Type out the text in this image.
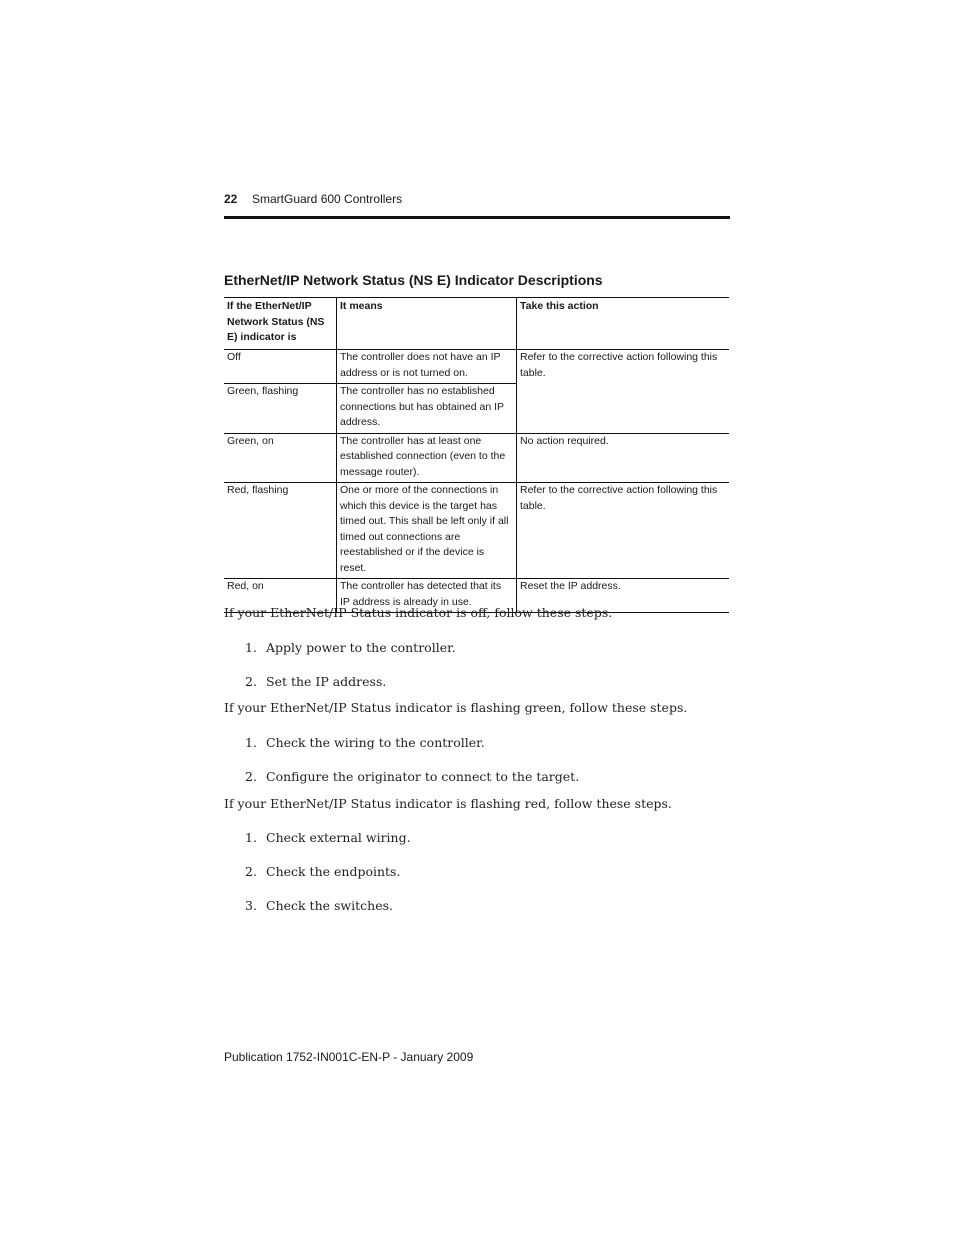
22 SmartGuard 600 Controllers
EtherNet/IP Network Status (NS E) Indicator Descriptions
If the EtherNet/IP Network Status (NS E) indicator is	It means	Take this action
Off	The controller does not have an IP address or is not turned on.	Refer to the corrective action following this table.
Green, flashing	The controller has no established connections but has obtained an IP address.	
Green, on	The controller has at least one established connection (even to the message router).	No action required.
Red, flashing	One or more of the connections in which this device is the target has timed out. This shall be left only if all timed out connections are reestablished or if the device is reset.	Refer to the corrective action following this table.
Red, on	The controller has detected that its IP address is already in use.	Reset the IP address.
If your EtherNet/IP Status indicator is off, follow these steps.
1. Apply power to the controller.
2. Set the IP address.
If your EtherNet/IP Status indicator is flashing green, follow these steps.
1. Check the wiring to the controller.
2. Configure the originator to connect to the target.
If your EtherNet/IP Status indicator is flashing red, follow these steps.
1. Check external wiring.
2. Check the endpoints.
3. Check the switches.
Publication 1752-IN001C-EN-P - January 2009
